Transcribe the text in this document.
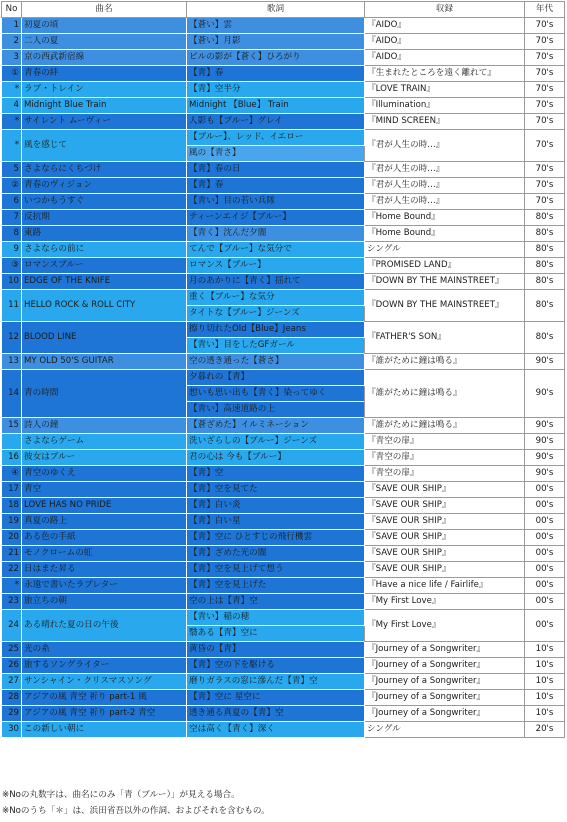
No	曲名	歌詞	収録	年代
1	初夏の頃	【蒼い】雲	『AIDO』	70's
2	二人の夏	【蒼い】月影	『AIDO』	70's
3	京の西武新宿線	ビルの影が【蒼く】ひろがり	『AIDO』	70's
①	青春の絆	【青】春	『生まれたところを遠く離れて』	70's
*	ラブ・トレイン	【青】空半分	『LOVE TRAIN』	70's
4	Midnight Blue Train	Midnight 【Blue】 Train	『Illumination』	70's
*	サイレント ムーヴィー	人影も【ブルー】グレイ	『MIND SCREEN』	70's
*	風を感じて	【ブルー】、レッド、イエロー	『君が人生の時…』	70's
		風の【青さ】		
5	さよならにくちづけ	【青】春の日	『君が人生の時…』	70's
②	青春のヴィジョン	【青】春	『君が人生の時…』	70's
6	いつかもうすぐ	【青い】目の若い兵隊	『君が人生の時…』	70's
7	反抗期	ティーンエイジ【ブルー】	『Home Bound』	80's
8	東路	【青く】沈んだ夕闇	『Home Bound』	80's
9	さよならの前に	てんで【ブルー】な気分で	シングル	80's
③	ロマンスブルー	ロマンス【ブルー】	『PROMISED LAND』	80's
10	EDGE OF THE KNIFE	月のあかりに【青く】揺れて	『DOWN BY THE MAINSTREET』	80's
11	HELLO ROCK & ROLL CITY	重く【ブルー】な気分	『DOWN BY THE MAINSTREET』	80's
		タイトな【ブルー】ジーンズ		
12	BLOOD LINE	擦り切れたOld【Blue】Jeans	『FATHER'S SON』	80's
		【青い】目をしたGFガール		
13	MY OLD 50'S GUITAR	空の透き通った【蒼さ】	『誰がために鐘は鳴る』	90's
14	青の時間	夕暮れの【青】	『誰がために鐘は鳴る』	90's
		想いも思い出も【青く】染ってゆく		
		【青い】高速道路の上		
15	詩人の鐘	【蒼ざめた】イルミネーション	『誰がために鐘は鳴る』	90's
	さよならゲーム	洗いざらしの【ブルー】ジーンズ	『青空の扉』	90's
16	彼女はブルー	君の心は 今も【ブルー】	『青空の扉』	90's
④	青空のゆくえ	【青】空	『青空の扉』	90's
17	青空	【青】空を見てた	『SAVE OUR SHIP』	00's
18	LOVE HAS NO PRIDE	【青】白い炎	『SAVE OUR SHIP』	00's
19	真夏の路上	【青】白い星	『SAVE OUR SHIP』	00's
20	ある色の手紙	【青】空に ひとすじの飛行機雲	『SAVE OUR SHIP』	00's
21	モノクロームの虹	【青】ざめた光の闇	『SAVE OUR SHIP』	00's
22	日はまた昇る	【青】空を見上げて想う	『SAVE OUR SHIP』	00's
*	永遠で書いたラブレター	【青】空を見上げた	『Have a nice life / Fairlife』	00's
23	旅立ちの朝	空の上は【青】空	『My First Love』	00's
24	ある晴れた夏の日の午後	【青い】稲の穂	『My First Love』	00's
		翳ある【青】空に		
25	光の糸	黄昏の【青】	『Journey of a Songwriter』	10's
26	旅するソングライター	【青】空の下を駆ける	『Journey of a Songwriter』	10's
27	サンシャイン・クリスマスソング	磨りガラスの窓に滲んだ【青】空	『Journey of a Songwriter』	10's
28	アジアの風 青空 祈り part-1 風	【青】空に 星空に	『Journey of a Songwriter』	10's
29	アジアの風 青空 祈り part-2 青空	透き通る真夏の【青】空	『Journey of a Songwriter』	10's
30	この新しい朝に	空は高く【青く】深く	シングル	20's
※Noの丸数字は、曲名にのみ「青（ブルー）」が見える場合。
※Noのうち「＊」は、浜田省吾以外の作詞、およびそれを含むもの。
